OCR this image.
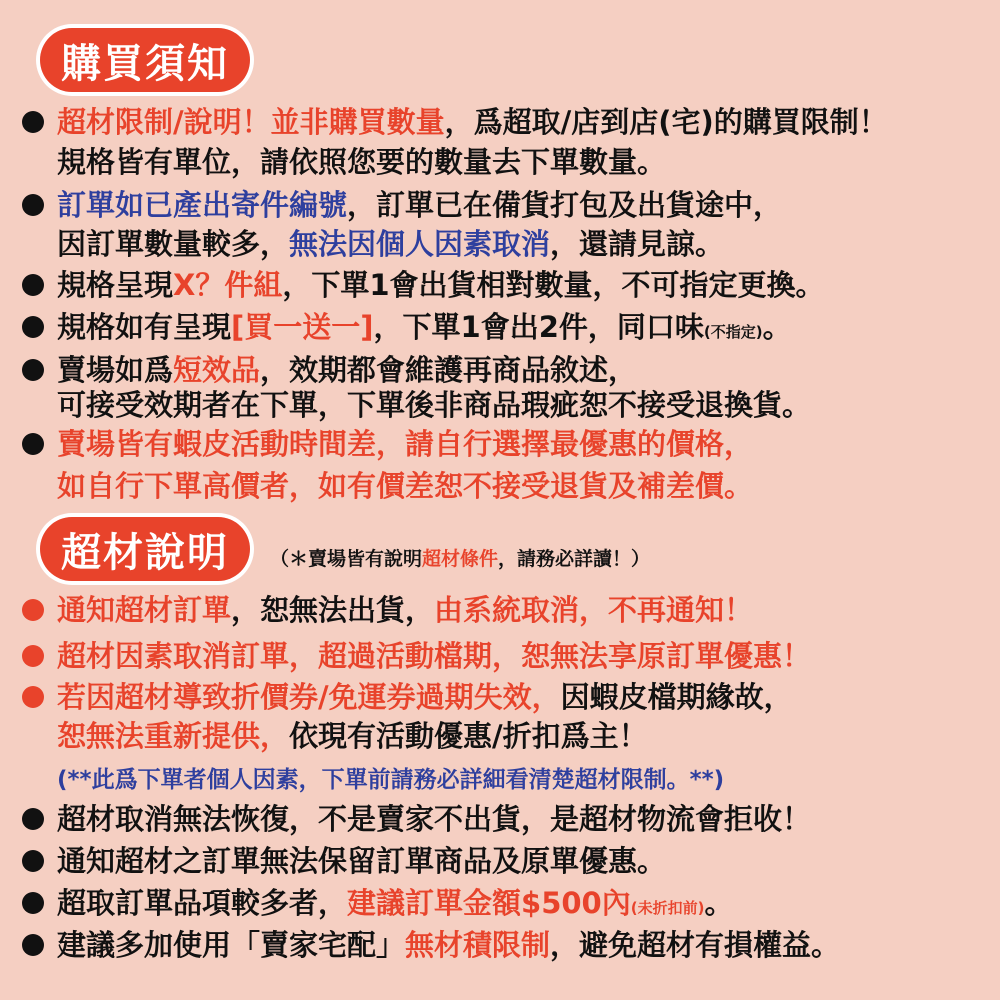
購買須知
超材限制/說明！並非購買數量，爲超取/店到店(宅)的購買限制！
規格皆有單位，請依照您要的數量去下單數量。
訂單如已產出寄件編號，訂單已在備貨打包及出貨途中，
因訂單數量較多，無法因個人因素取消，還請見諒。
規格呈現X？件組，下單1會出貨相對數量，不可指定更換。
規格如有呈現[買一送一]，下單1會出2件，同口味(不指定)。
賣場如爲短效品，效期都會維護再商品敘述，
可接受效期者在下單，下單後非商品瑕疵恕不接受退換貨。
賣場皆有蝦皮活動時間差，請自行選擇最優惠的價格，
如自行下單高價者，如有價差恕不接受退貨及補差價。
超材說明 （＊賣場皆有說明超材條件，請務必詳讀！）
通知超材訂單，恕無法出貨，由系統取消，不再通知！
超材因素取消訂單，超過活動檔期，恕無法享原訂單優惠！
若因超材導致折價券/免運券過期失效，因蝦皮檔期緣故，
恕無法重新提供，依現有活動優惠/折扣爲主！
(**此爲下單者個人因素，下單前請務必詳細看清楚超材限制。**)
超材取消無法恢復，不是賣家不出貨，是超材物流會拒收！
通知超材之訂單無法保留訂單商品及原單優惠。
超取訂單品項較多者，建議訂單金額$500內(未折扣前)。
建議多加使用「賣家宅配」無材積限制，避免超材有損權益。
